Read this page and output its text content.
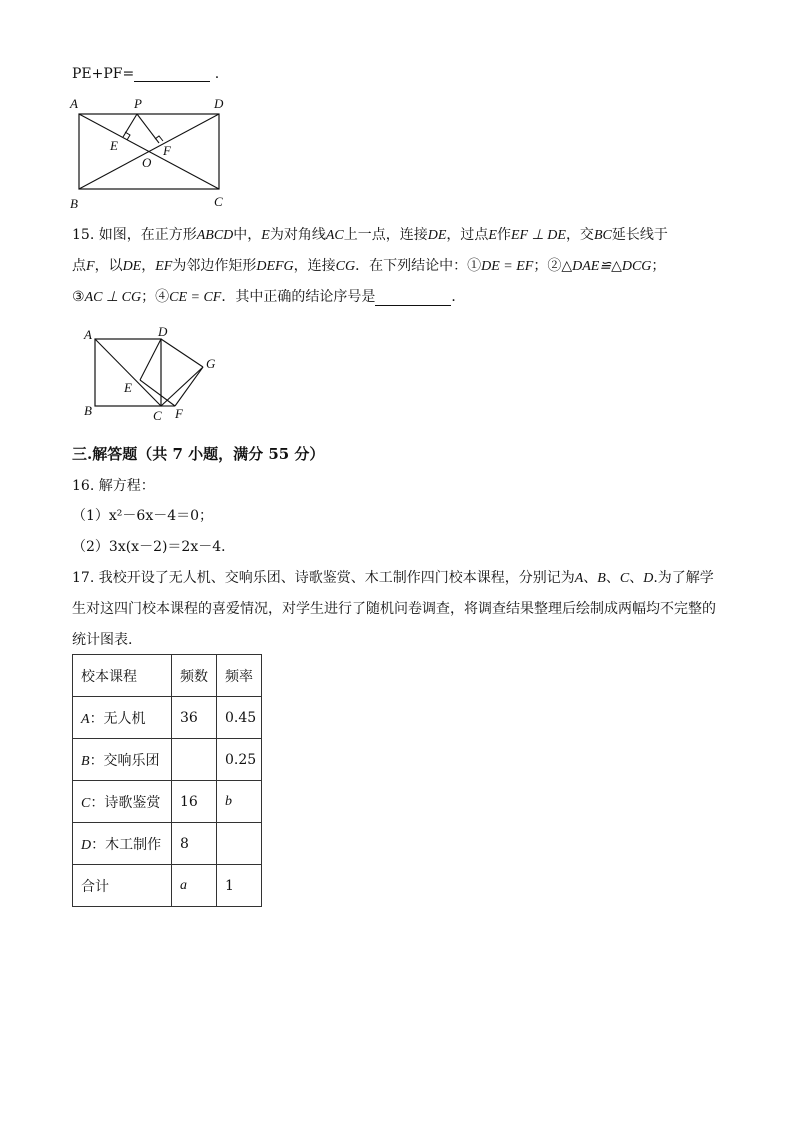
PE+PF=	.
A	P	D
E	F
O
B	C
15. 如图，在正方形ABCD中，E为对角线AC上一点，连接DE，过点E作EF ⊥ DE，交BC延长线于
点F，以DE，EF为邻边作矩形DEFG，连接CG．在下列结论中：①DE = EF；②△DAE≌△DCG；
③AC ⊥ CG；④CE = CF．其中正确的结论序号是	．
A	D
G
E
B	C F
三.解答题（共 7 小题，满分 55 分）
16. 解方程：
（1）x²－6x－4＝0；
（2）3x(x－2)＝2x－4．
17. 我校开设了无人机、交响乐团、诗歌鉴赏、木工制作四门校本课程，分别记为A、B、C、D.为了解学
生对这四门校本课程的喜爱情况，对学生进行了随机问卷调查，将调查结果整理后绘制成两幅均不完整的
统计图表.
校本课程	频数	频率
A：无人机	36	0.45
B：交响乐团		0.25
C：诗歌鉴赏	16	b
D：木工制作	8	
合计	a	1
